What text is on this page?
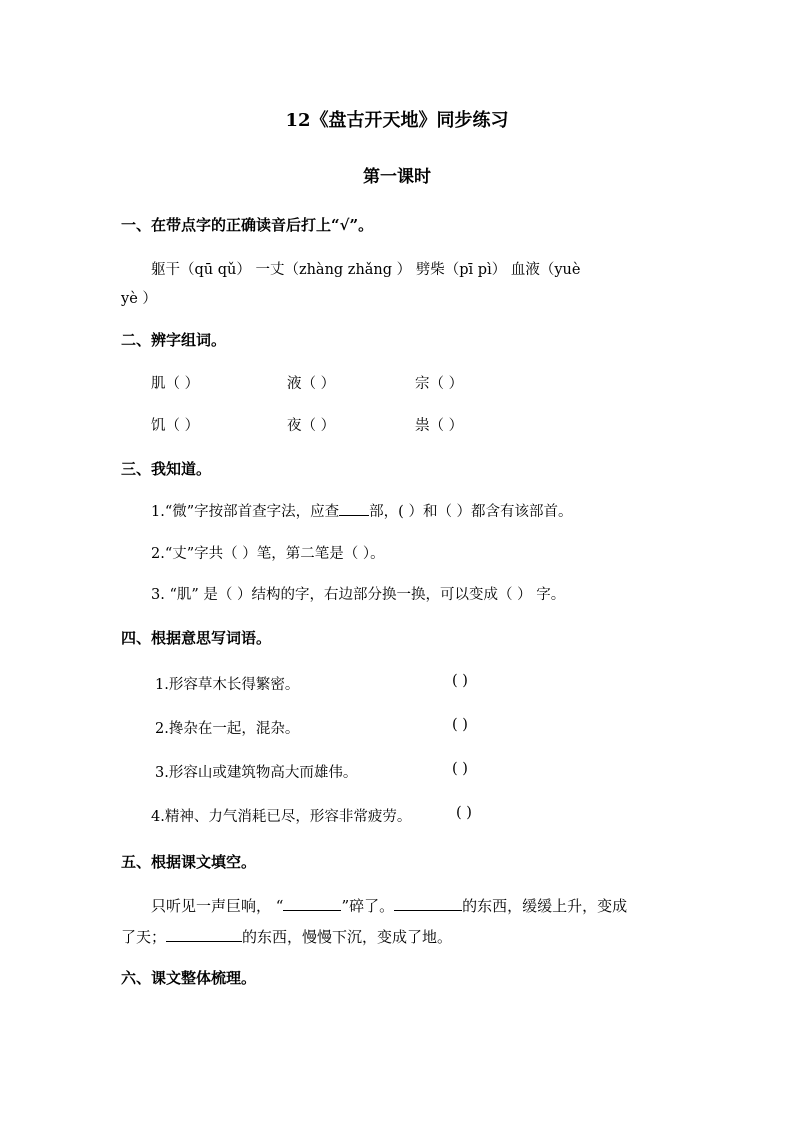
12《盘古开天地》同步练习
第一课时
一、在带点字的正确读音后打上“√”。
躯干（qū qǔ） 一丈（zhàng zhǎng ） 劈柴（pī pì） 血液（yuè
yè ）
二、辨字组词。
肌（ ）	液（ ）	宗（ ）
饥（ ）	夜（ ）	祟（ ）
三、我知道。
1.“微”字按部首查字法，应查 部，( ）和（ ）都含有该部首。
2.“丈”字共（ ）笔，第二笔是（ ）。
3. “肌” 是（ ）结构的字，右边部分换一换，可以变成（ ） 字。
四、根据意思写词语。
1.形容草木长得繁密。	( )
2.搀杂在一起，混杂。	( )
3.形容山或建筑物高大而雄伟。	( )
4.精神、力气消耗已尽，形容非常疲劳。	( )
五、根据课文填空。
只听见一声巨响， “	”碎了。	的东西，缓缓上升，变成
了天；	的东西，慢慢下沉，变成了地。
六、课文整体梳理。
